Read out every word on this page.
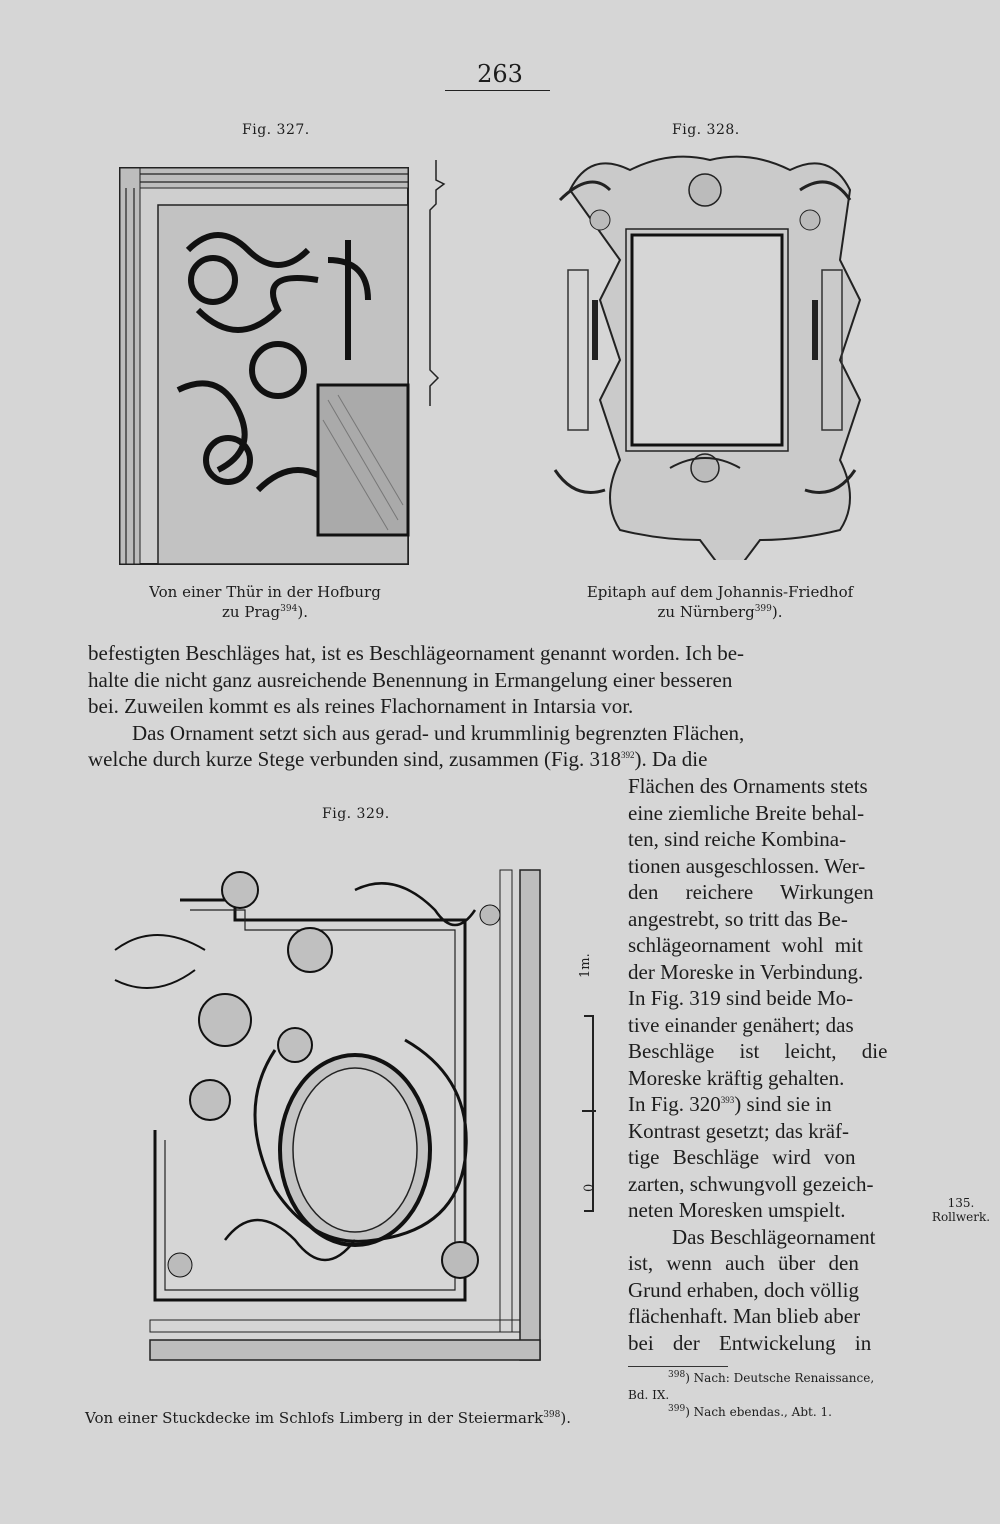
263
Fig. 327.
Von einer Thür in der Hofburg
zu Prag$^{394}$).
Fig. 328.
Epitaph auf dem Johannis-Friedhof
zu Nürnberg$^{399}$).
befestigten Beschläges hat, ist es Beschlägeornament genannt worden. Ich be-
halte die nicht ganz ausreichende Benennung in Ermangelung einer besseren
bei. Zuweilen kommt es als reines Flachornament in Intarsia vor.
Das Ornament setzt sich aus gerad- und krummlinig begrenzten Flächen,
welche durch kurze Stege verbunden sind, zusammen (Fig. $318^{392}$). Da die
Fig. 329.
1m.
0
Von einer Stuckdecke im Schlofs Limberg in der Steiermark$^{398}$).
Flächen des Ornaments stets
eine ziemliche Breite behal-
ten, sind reiche Kombina-
tionen ausgeschlossen. Wer-
den reichere Wirkungen
angestrebt, so tritt das Be-
schlägeornament wohl mit
der Moreske in Verbindung.
In Fig. 319 sind beide Mo-
tive einander genähert; das
Beschläge ist leicht, die
Moreske kräftig gehalten.
In Fig. $320^{393}$) sind sie in
Kontrast gesetzt; das kräf-
tige Beschläge wird von
zarten, schwungvoll gezeich-
neten Moresken umspielt.
Das Beschlägeornament
ist, wenn auch über den
Grund erhaben, doch völlig
flächenhaft. Man blieb aber
bei der Entwickelung in
135.
Rollwerk.
$^{398}$) Nach: Deutsche Renaissance,
Bd. IX.
$^{399}$) Nach ebendas., Abt. 1.
